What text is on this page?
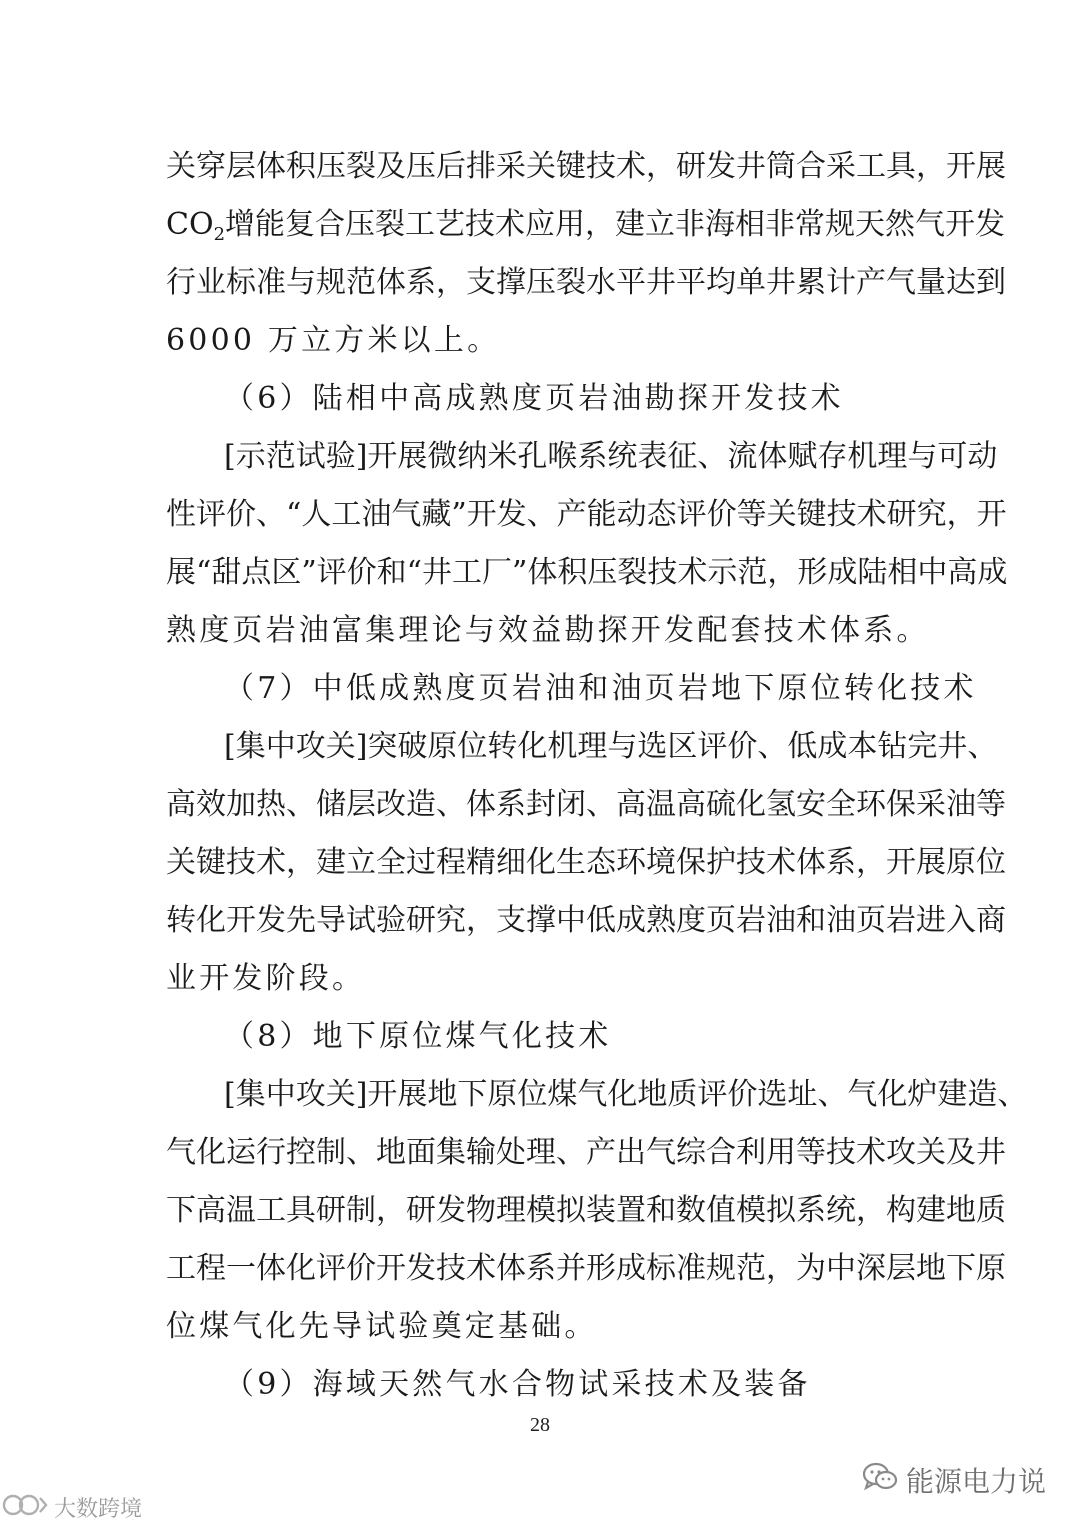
关穿层体积压裂及压后排采关键技术，研发井筒合采工具，开展
$CO_2$增能复合压裂工艺技术应用，建立非海相非常规天然气开发
行业标准与规范体系，支撑压裂水平井平均单井累计产气量达到
6000 万立方米以上。
（6）陆相中高成熟度页岩油勘探开发技术
[示范试验]开展微纳米孔喉系统表征、流体赋存机理与可动
性评价、“人工油气藏”开发、产能动态评价等关键技术研究，开
展“甜点区”评价和“井工厂”体积压裂技术示范，形成陆相中高成
熟度页岩油富集理论与效益勘探开发配套技术体系。
（7）中低成熟度页岩油和油页岩地下原位转化技术
[集中攻关]突破原位转化机理与选区评价、低成本钻完井、
高效加热、储层改造、体系封闭、高温高硫化氢安全环保采油等
关键技术，建立全过程精细化生态环境保护技术体系，开展原位
转化开发先导试验研究，支撑中低成熟度页岩油和油页岩进入商
业开发阶段。
（8）地下原位煤气化技术
[集中攻关]开展地下原位煤气化地质评价选址、气化炉建造、
气化运行控制、地面集输处理、产出气综合利用等技术攻关及井
下高温工具研制，研发物理模拟装置和数值模拟系统，构建地质
工程一体化评价开发技术体系并形成标准规范，为中深层地下原
位煤气化先导试验奠定基础。
（9）海域天然气水合物试采技术及装备
28
能源电力说
大数跨境
